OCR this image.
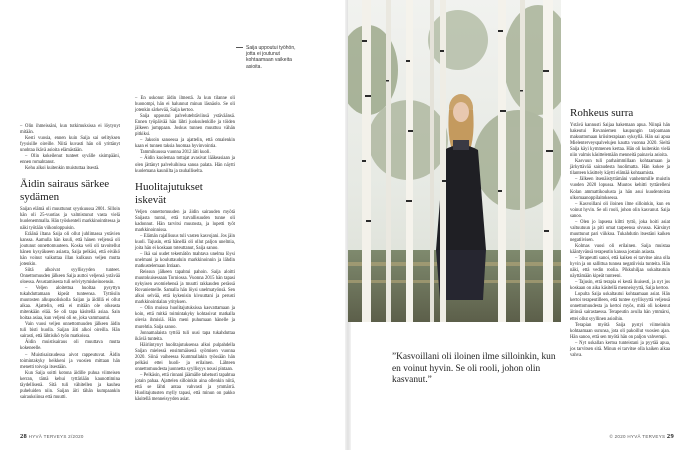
Saija uppoutui työhön, jotta ei joutunut kohtaamaan vaikeita asioita.

– Olin ihmeissäni, kun tutkimuksissa ei löytynyt mitään.

Kesti vuosia, ennen kuin Saija sai selityksen fyysisille oireille. Niitä kuvasti hän oli yrittänyt unohtaa ikävä asioita elämästään.

– Olin kokeilenut tunteet syvälle sisimpääni, ennen romahtanut.

Kehu alkoi kuitenkin muistuttaa itsestä.

Äidin sairaus särkee sydämen

Saijan elämä oli muuttunut syyskuussa 2001. Silloin hän oli 25-vuotias ja valmistunut vasta vielä huolenemmalla. Hän työskenteli markkinointitessa ja näki työtään viikonloppuisin.

Eräänä iltana Saija oli ollut juhlimassa ystävien kanssa. Aamulla hän kuuli, että hänen veljensä oli joutunut onnettomuuteen. Koska veli oli tavoitellut hänen kysyäkseen asiasta, Saija pelkäsi, että eiväkö hän voinut vaikuttaa illan kulkuun veljen mutta jotenkin.

Siitä alkoivat syyllisyyden tunteet. Onnettomuuden jälkeen Saija auttoi veljensä ystävää oloessa. Avustamisesta tuli selviytymiskeinoensin.

– Veljen aloitettua huoltaa pysyttyn tukahduttamaan kipeät tunteensa. Tyttösiin muutosten alkupuoliskolla Saijan ja äidillä ei ollut aikaa. Ajattelin, että ei mitään ole oikeasta mitenkään elää. Se oli tapa käsitellä asiaa. Sain hoitaa asiaa, kun veljeni oli se, joka vammautui.

Vain vuosi veljen onnettomuuden jälkeen äidin tuli bisti huolla. Saijan äiti alkoi oireilla. Hän sairasti, että lähtisikö työn matkoissa.

Äidin muistisairaus oli muuttava mutta kokeneelle.

– Muistisairaudessa aivot rappeutuvat. Äidin toimintakyky heikkeni ja vuosien mittaan hän menetti toivoja itsestään.

Kun Saija soitti kotona äidille puhua viimeisen kerran, tämä kehui tyttäriään kaunottimina täydellisenä. Sitä tuli vähitellen ja kauhea puheluiden niin. Saijan äiti tähän kumpaankin sairauksiinsa että muutti.

– En uskonut äidin ilmestä. Ja kun tilanne oli huonompi, hän ei halunnut minun läsnäolo. Se oli jotenkin särkevää, Saija kertoo.

Saija uppoutui palvelutehtäviinsä ystäväänsä. Ennen työpäivää hän lähti juoksulenkille ja töiden jälkeen jumppaan. Joskus tunnen muuttuu vähän pitkiksi.

– Jaksoin sanoessa ja ajattelin, että omalenkin kaan ei tunnen taksia huomaa hyvinvointia.

Tammikuussa vuonna 2012 äiti kuoli.

– Äidin kuolemaa tottajat avasivat lääkeasiaan ja olen jättänyt palveluihinsa sanoa palata. Hän näytti kuolemana kauniilta ja rauhalliselta.

Huolitajutukset iskevät

Veljen onnettomuuden ja äidin sairauden myötä Saijasta tuntui, että turvallisuuden tunne oli kadonnut. Hän tarvitsi muutosta, ja lopetti työt markkinoinnissa.

– Elämän rajallisuus tuli vasten kasvojani. Jos jäin kuoli. Tajusin, että hänellä oli ollut paljon unelmia, joita hän ei koskaan toteuttanut, Saija sanoo.

– Ikä sai uudet tekemätön mahtava unelma löysi unelmani ja kouluttauduin markkinoinnin ja lähdin matkustelemaan Intiaan.

Reissun jälkeen tapahtui pahoin. Saija aloitti muutokuisessaan Torniossa. Vuonna 2015 hän tapasi nykyisen avomiehensä ja muutti rakkauden perässä Rovaniemelle. Samalla hän löysi unelmatyönsä. Sen alkoi selvää, että kykenisin kivuuttani ja perusti markkinointialan yrityksen.

– Olin muissa huolitajutuksissa kasvattamaan ja koin, että mitkä toimintakyky kohtasivat matkalla olevia ihmisiä. Hän meni puhumaan hänelle ja murehtia. Saija sanoo.

Jonnamalaista tyttöä tuli uusi tapa tukahduttaa ikäviä tunteita.

Häiriintynyt huolitajutuksensa alkoi pulpahdella Saijan mielessä ensimmäisenä syömisen vuonna 2020. Siinä vaiheessa Kummallakin työssään hän pelkäsi ettei huoli- ja erilainen. Lähteen onnettomuudesta juonnetta syyllisyys nousi pintaan.

– Pelkäsin, että rinnani jäämälle tahetusti tapahtua jotain pahaa. Ajattelen silloinkin aina ollenkin niitä, että se lähti antaa vahvasti ja ymmärrä. Huolitajutusten mylly tapasi, että minun on pakko käsitellä menneisyyden asiat.

28 HYVÄ TERVEYS 2/2020
”Kasvoillani oli iloinen ilme silloinkin, kun en voinut hyvin. Se oli rooli, johon olin kasvanut.”
Rohkeus surra

Ystävä kannusti Saijaa hakemaan apua. Niinpä hän hakeutui Rovaniemen kaupungin tarjoamaan maksuttomaan kriisiterapiaan syksyllä. Hän sai apua Mielenterveyspalvelujen kautta vuonna 2020. Sieltä Saija käyi kymmenen kertaa. Hän oli kuitenkin vielä niin valmis käsittelemään menneitä painavia asioita.

Kasvuun tuli parhaimmillaan kohtaamaan ja järkyttävää sairaudesta huolimatta. Hän kokee ja tilanteen käsittely käytti elämää kohtaamista.

– Jälkeen itsenäistyttämäni vanhemmille muistin vuoden 2020 lopussa. Muutos kehitti tyttärelleni Kolan ammattikoulusta ja hän asui kuudentoista ulkomaanoppilaitoksessa.

– Kasvoillani oli iloinen ilme silloinkin, kun en voinut hyvin. Se oli rooli, johon olin kasvanut. Saija sanoo.

– Olen jo lapsena kiltti tyttö, joka hoiti asiat valtuutuun ja piti omat tarpeensa sivussa. Kärsinyt muuttunut pari viikkoa. Tukahdutin itsestäni kaiken negatiivisen.

Kolmas vuosi oli erilainen. Saija muistaa kääntyvänsä terapeutin kanssa jostain asiasta.

– Terapeutti sanoi, että kaiken ei tarvitse aina olla hyvin ja on sallittua tunnea negatiivisia tunteita. Hän näki, että vedin roolia. Pikkuhiljaa uskaltautuin näyttämään kipeät tunteeni.

– Tajusin, että terapia ei kestä ikuisesti, ja nyt jos koskaan on aika käsitellä menneisyyttä, Saija kertoo.

Lopulta Saija uskaltautui kohtaamaan asiat. Hän kertoi terapeutilleen, että tuntee syyllisyyttä veljensä onnettomuudesta ja kertoi myös, mitä oli kokenut äitinsä sairastaessa. Terapeutin avulla hän ymmärsi, ettei ollut syyllinen asioihin.

Terapian myötä Saija pystyi viimeinkin kohtaamaan surunsa, jota oli pakoillut vuosien ajan. Hän sanoo, että sen myötä hän on paljon vahvempi.

– Nyt uskallan kertoa tunteistani ja pyytää apua, jos tarvitsen sitä. Minun ei tarvitse olla kaiken aikaa vahva.

© 2020 HYVÄ TERVEYS 29
